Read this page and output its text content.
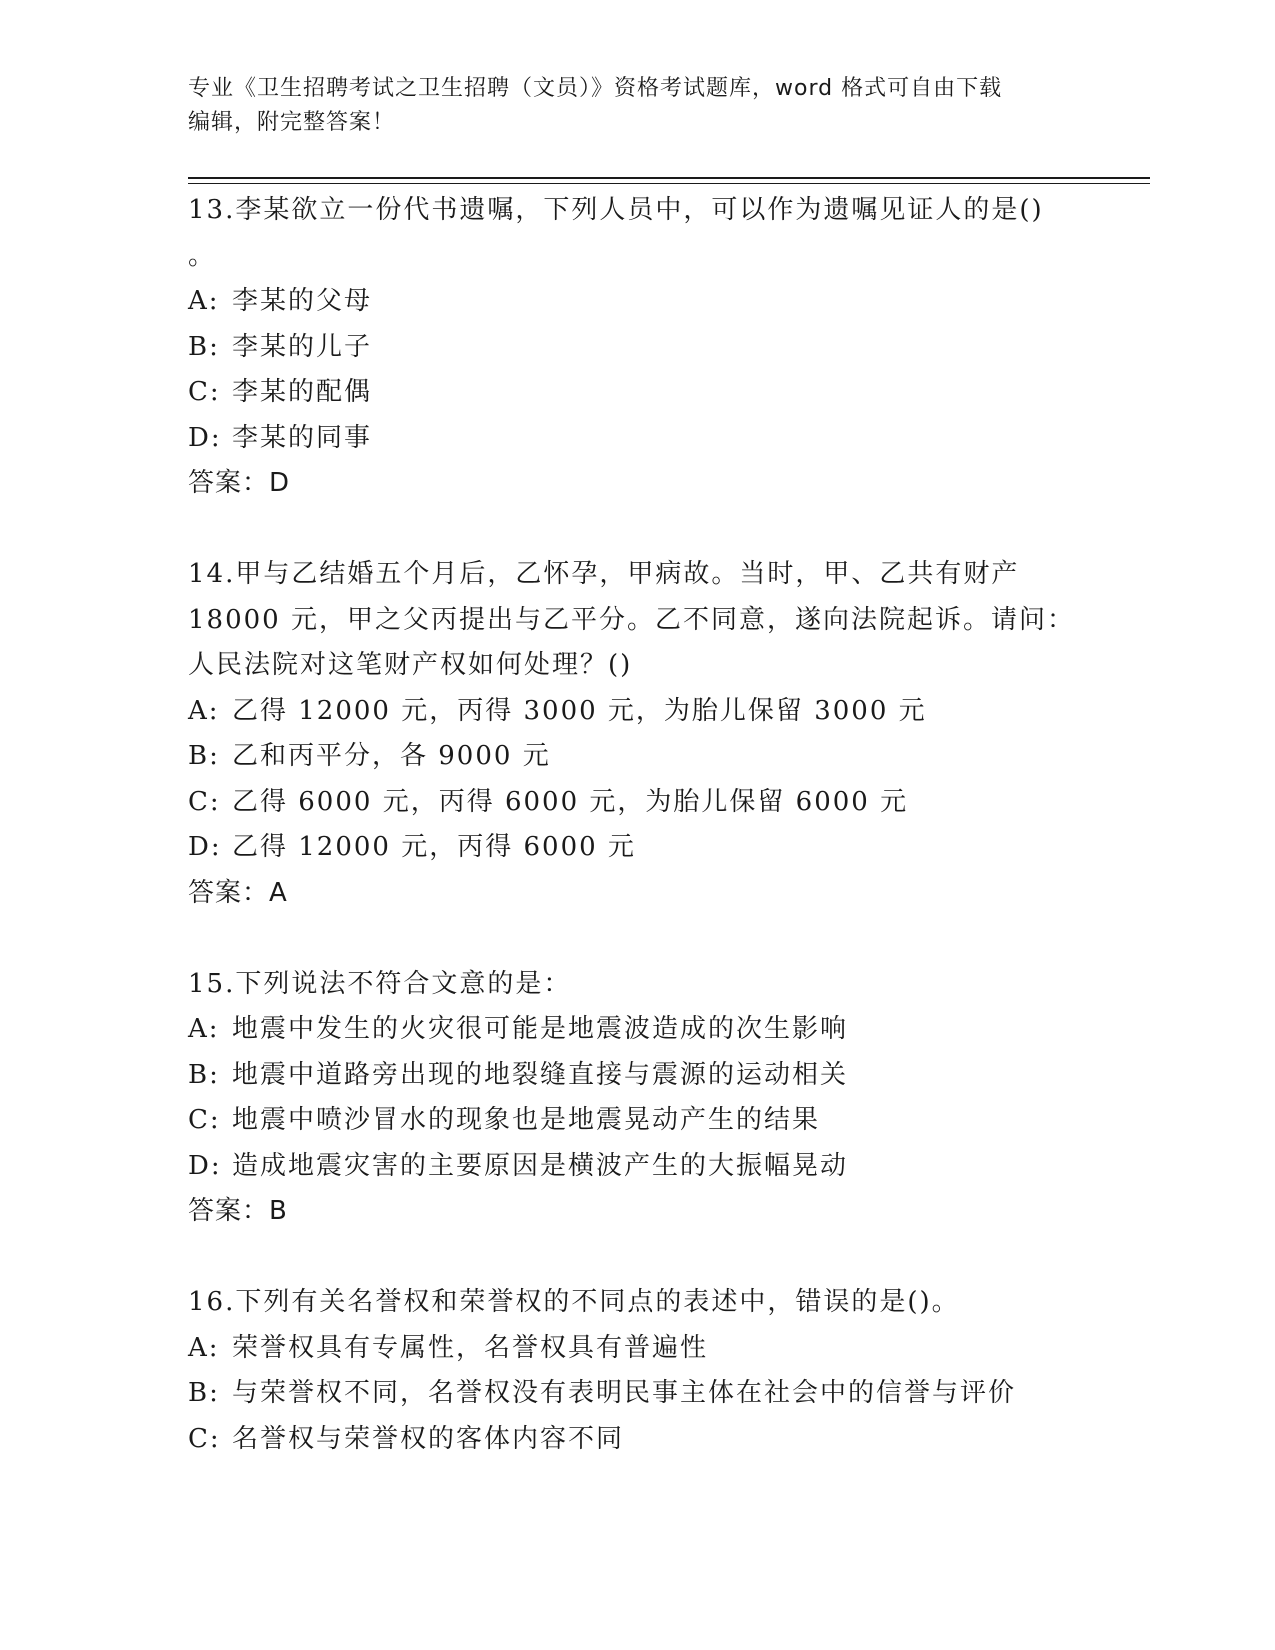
专业《卫生招聘考试之卫生招聘（文员）》资格考试题库，word 格式可自由下载
编辑，附完整答案！
13.李某欲立一份代书遗嘱，下列人员中，可以作为遗嘱见证人的是()
。
A: 李某的父母
B: 李某的儿子
C: 李某的配偶
D: 李某的同事
答案：D
14.甲与乙结婚五个月后，乙怀孕，甲病故。当时，甲、乙共有财产
18000 元，甲之父丙提出与乙平分。乙不同意，遂向法院起诉。请问：
人民法院对这笔财产权如何处理？()
A: 乙得 12000 元，丙得 3000 元，为胎儿保留 3000 元
B: 乙和丙平分，各 9000 元
C: 乙得 6000 元，丙得 6000 元，为胎儿保留 6000 元
D: 乙得 12000 元，丙得 6000 元
答案：A
15.下列说法不符合文意的是：
A: 地震中发生的火灾很可能是地震波造成的次生影响
B: 地震中道路旁出现的地裂缝直接与震源的运动相关
C: 地震中喷沙冒水的现象也是地震晃动产生的结果
D: 造成地震灾害的主要原因是横波产生的大振幅晃动
答案：B
16.下列有关名誉权和荣誉权的不同点的表述中，错误的是()。
A: 荣誉权具有专属性，名誉权具有普遍性
B: 与荣誉权不同，名誉权没有表明民事主体在社会中的信誉与评价
C: 名誉权与荣誉权的客体内容不同
